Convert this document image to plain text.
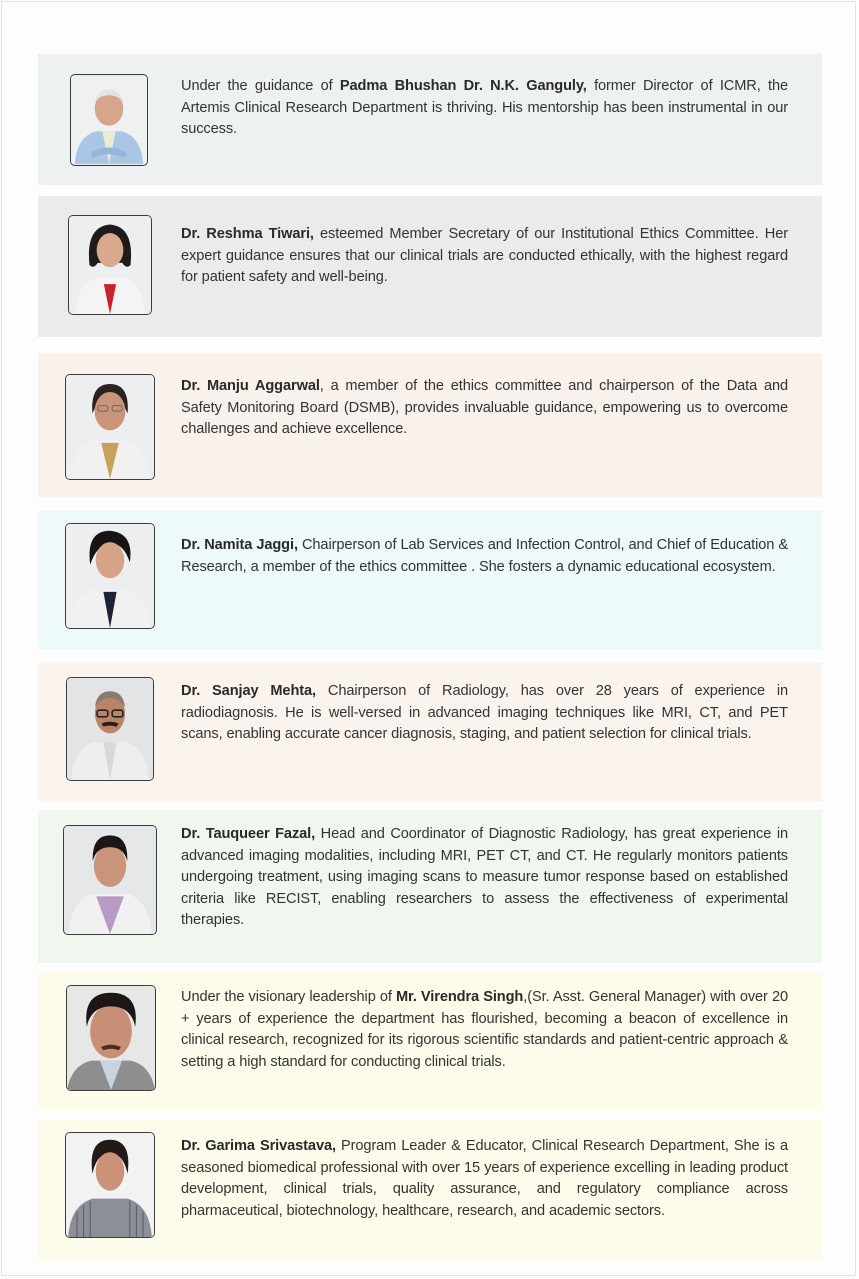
Under the guidance of Padma Bhushan Dr. N.K. Ganguly, former Director of ICMR, the Artemis Clinical Research Department is thriving. His mentorship has been instrumental in our success.
Dr. Reshma Tiwari, esteemed Member Secretary of our Institutional Ethics Committee. Her expert guidance ensures that our clinical trials are conducted ethically, with the highest regard for patient safety and well-being.
Dr. Manju Aggarwal, a member of the ethics committee and chairperson of the Data and Safety Monitoring Board (DSMB), provides invaluable guidance, empowering us to overcome challenges and achieve excellence.
Dr. Namita Jaggi, Chairperson of Lab Services and Infection Control, and Chief of Education & Research, a member of the ethics committee . She fosters a dynamic educational ecosystem.
Dr. Sanjay Mehta, Chairperson of Radiology, has over 28 years of experience in radiodiagnosis. He is well-versed in advanced imaging techniques like MRI, CT, and PET scans, enabling accurate cancer diagnosis, staging, and patient selection for clinical trials.
Dr. Tauqueer Fazal, Head and Coordinator of Diagnostic Radiology, has great experience in advanced imaging modalities, including MRI, PET CT, and CT. He regularly monitors patients undergoing treatment, using imaging scans to measure tumor response based on established criteria like RECIST, enabling researchers to assess the effectiveness of experimental therapies.
Under the visionary leadership of Mr. Virendra Singh,(Sr. Asst. General Manager) with over 20 + years of experience the department has flourished, becoming a beacon of excellence in clinical research, recognized for its rigorous scientific standards and patient-centric approach & setting a high standard for conducting clinical trials.
Dr. Garima Srivastava, Program Leader & Educator, Clinical Research Department, She is a seasoned biomedical professional with over 15 years of experience excelling in leading product development, clinical trials, quality assurance, and regulatory compliance across pharmaceutical, biotechnology, healthcare, research, and academic sectors.
